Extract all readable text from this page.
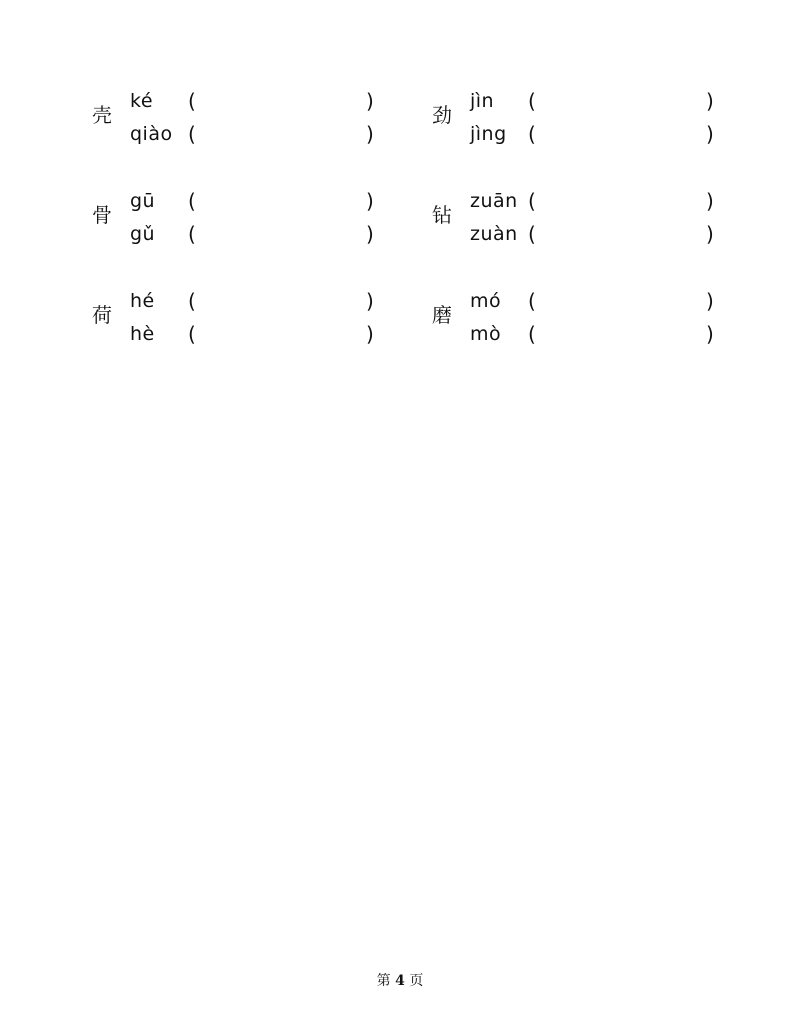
壳
ké (	)
qiào (	)
劲
jìn (	)
jìng (	)
骨
gū (	)
gǔ (	)
钻
zuān (	)
zuàn (	)
荷
hé (	)
hè (	)
磨
mó (	)
mò (	)
第 4 页
